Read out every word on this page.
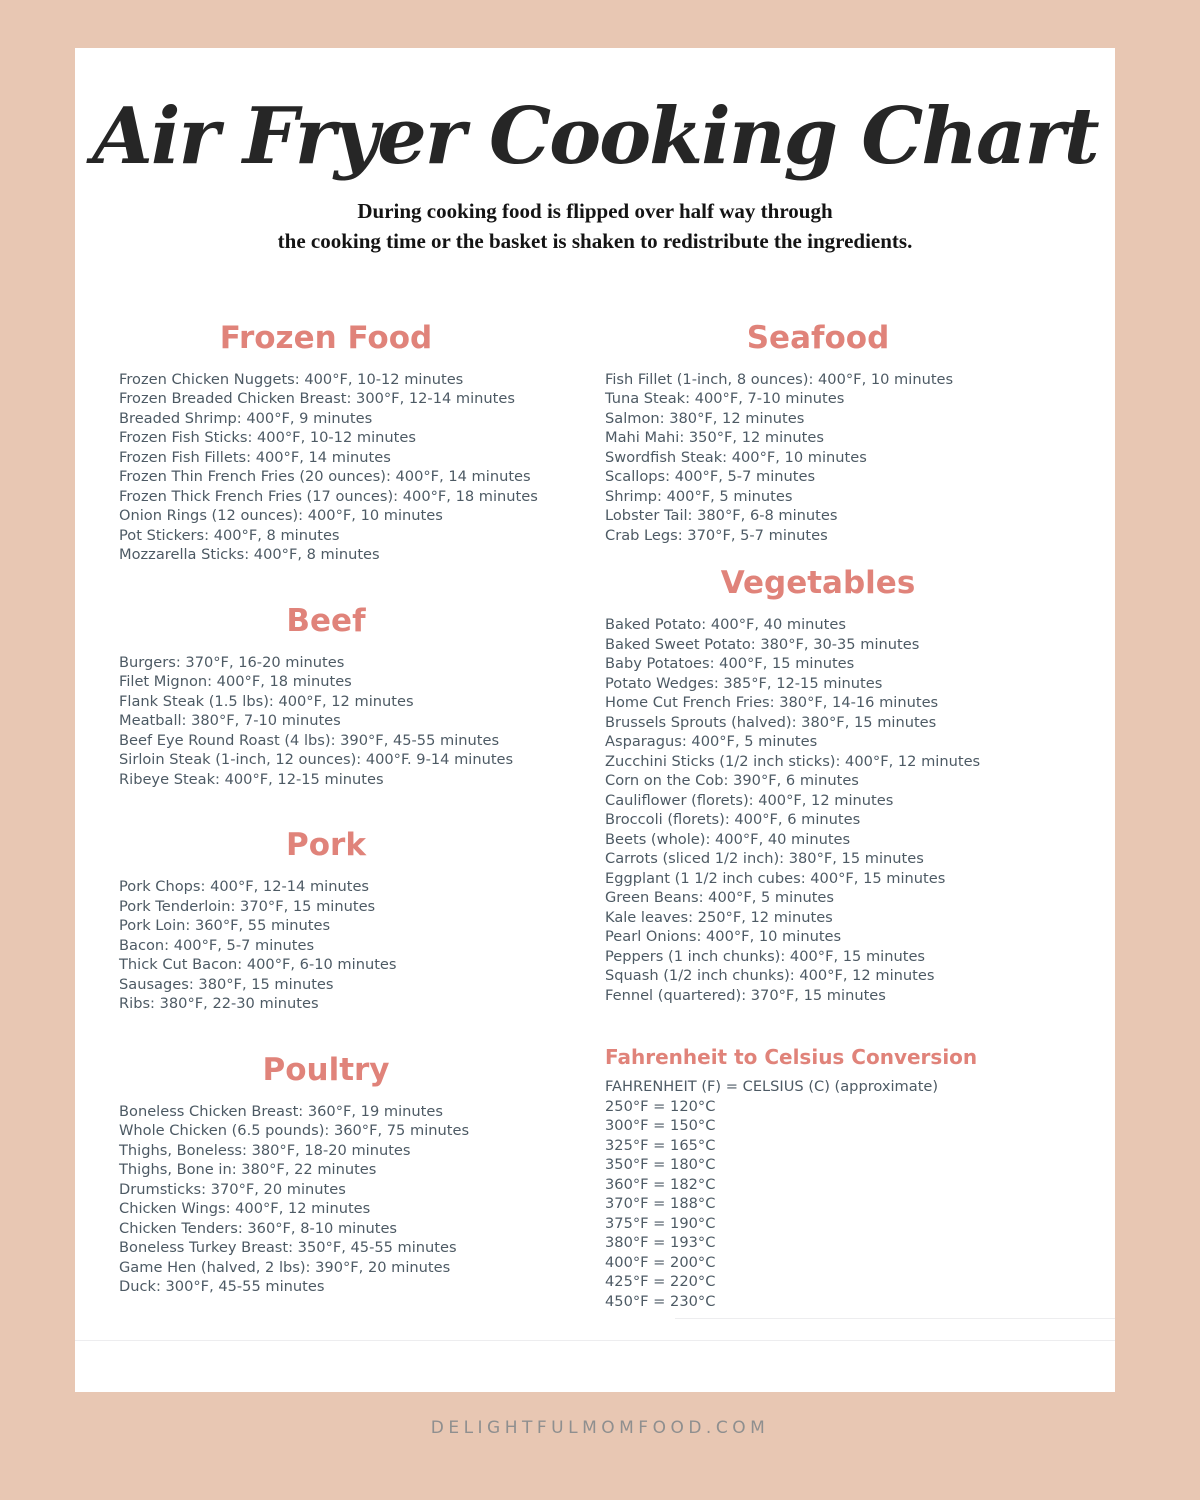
Air Fryer Cooking Chart
During cooking food is flipped over half way through
the cooking time or the basket is shaken to redistribute the ingredients.
Frozen Food
Frozen Chicken Nuggets: 400°F, 10-12 minutes
Frozen Breaded Chicken Breast: 300°F, 12-14 minutes
Breaded Shrimp: 400°F, 9 minutes
Frozen Fish Sticks: 400°F, 10-12 minutes
Frozen Fish Fillets: 400°F, 14 minutes
Frozen Thin French Fries (20 ounces): 400°F, 14 minutes
Frozen Thick French Fries (17 ounces): 400°F, 18 minutes
Onion Rings (12 ounces): 400°F, 10 minutes
Pot Stickers: 400°F, 8 minutes
Mozzarella Sticks: 400°F, 8 minutes
Beef
Burgers: 370°F, 16-20 minutes
Filet Mignon: 400°F, 18 minutes
Flank Steak (1.5 lbs): 400°F, 12 minutes
Meatball: 380°F, 7-10 minutes
Beef Eye Round Roast (4 lbs): 390°F, 45-55 minutes
Sirloin Steak (1-inch, 12 ounces): 400°F. 9-14 minutes
Ribeye Steak: 400°F, 12-15 minutes
Pork
Pork Chops: 400°F, 12-14 minutes
Pork Tenderloin: 370°F, 15 minutes
Pork Loin: 360°F, 55 minutes
Bacon: 400°F, 5-7 minutes
Thick Cut Bacon: 400°F, 6-10 minutes
Sausages: 380°F, 15 minutes
Ribs: 380°F, 22-30 minutes
Poultry
Boneless Chicken Breast: 360°F, 19 minutes
Whole Chicken (6.5 pounds): 360°F, 75 minutes
Thighs, Boneless: 380°F, 18-20 minutes
Thighs, Bone in: 380°F, 22 minutes
Drumsticks: 370°F, 20 minutes
Chicken Wings: 400°F, 12 minutes
Chicken Tenders: 360°F, 8-10 minutes
Boneless Turkey Breast: 350°F, 45-55 minutes
Game Hen (halved, 2 lbs): 390°F, 20 minutes
Duck: 300°F, 45-55 minutes
Seafood
Fish Fillet (1-inch, 8 ounces): 400°F, 10 minutes
Tuna Steak: 400°F, 7-10 minutes
Salmon: 380°F, 12 minutes
Mahi Mahi: 350°F, 12 minutes
Swordfish Steak: 400°F, 10 minutes
Scallops: 400°F, 5-7 minutes
Shrimp: 400°F, 5 minutes
Lobster Tail: 380°F, 6-8 minutes
Crab Legs: 370°F, 5-7 minutes
Vegetables
Baked Potato: 400°F, 40 minutes
Baked Sweet Potato: 380°F, 30-35 minutes
Baby Potatoes: 400°F, 15 minutes
Potato Wedges: 385°F, 12-15 minutes
Home Cut French Fries: 380°F, 14-16 minutes
Brussels Sprouts (halved): 380°F, 15 minutes
Asparagus: 400°F, 5 minutes
Zucchini Sticks (1/2 inch sticks): 400°F, 12 minutes
Corn on the Cob: 390°F, 6 minutes
Cauliflower (florets): 400°F, 12 minutes
Broccoli (florets): 400°F, 6 minutes
Beets (whole): 400°F, 40 minutes
Carrots (sliced 1/2 inch): 380°F, 15 minutes
Eggplant (1 1/2 inch cubes: 400°F, 15 minutes
Green Beans: 400°F, 5 minutes
Kale leaves: 250°F, 12 minutes
Pearl Onions: 400°F, 10 minutes
Peppers (1 inch chunks): 400°F, 15 minutes
Squash (1/2 inch chunks): 400°F, 12 minutes
Fennel (quartered): 370°F, 15 minutes
Fahrenheit to Celsius Conversion
FAHRENHEIT (F) = CELSIUS (C) (approximate)
250°F = 120°C
300°F = 150°C
325°F = 165°C
350°F = 180°C
360°F = 182°C
370°F = 188°C
375°F = 190°C
380°F = 193°C
400°F = 200°C
425°F = 220°C
450°F = 230°C
DELIGHTFULMOMFOOD.COM
